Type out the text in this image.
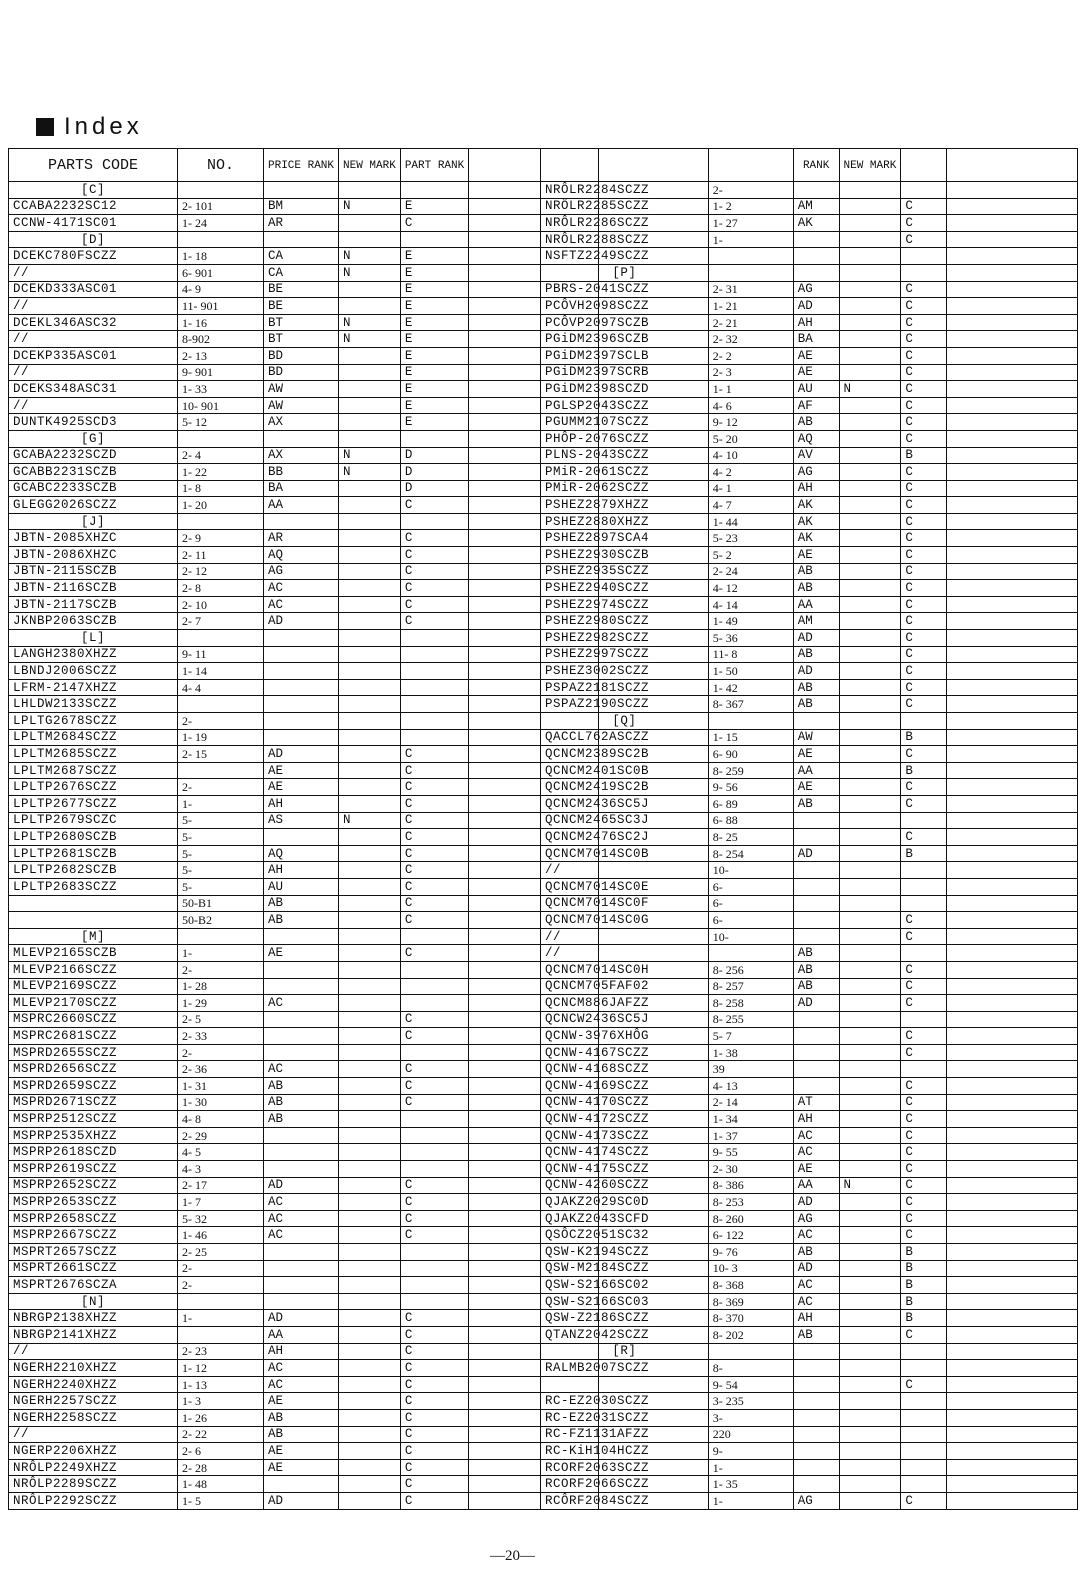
Index
PARTS CODE	NO.	PRICE RANK	NEW MARK	PART RANK	
[C]					
CCABA2232SC12	2- 101	BM	N	E	
CCNW-4171SC01	1- 24	AR		C	
[D]					
DCEKC780FSCZZ	1- 18	CA	N	E	
//	6- 901	CA	N	E	
DCEKD333ASC01	4- 9	BE		E	
//	11- 901	BE		E	
DCEKL346ASC32	1- 16	BT	N	E	
//	8-902	BT	N	E	
DCEKP335ASC01	2- 13	BD		E	
//	9- 901	BD		E	
DCEKS348ASC31	1- 33	AW		E	
//	10- 901	AW		E	
DUNTK4925SCD3	5- 12	AX		E	
[G]					
GCABA2232SCZD	2- 4	AX	N	D	
GCABB2231SCZB	1- 22	BB	N	D	
GCABC2233SCZB	1- 8	BA		D	
GLEGG2026SCZZ	1- 20	AA		C	
[J]					
JBTN-2085XHZC	2- 9	AR		C	
JBTN-2086XHZC	2- 11	AQ		C	
JBTN-2115SCZB	2- 12	AG		C	
JBTN-2116SCZB	2- 8	AC		C	
JBTN-2117SCZB	2- 10	AC		C	
JKNBP2063SCZB	2- 7	AD		C	
[L]					
LANGH2380XHZZ	9- 11				
LBNDJ2006SCZZ	1- 14				
LFRM-2147XHZZ	4- 4				
LHLDW2133SCZZ					
LPLTG2678SCZZ	2-				
LPLTM2684SCZZ	1- 19				
LPLTM2685SCZZ	2- 15	AD		C	
LPLTM2687SCZZ		AE		C	
LPLTP2676SCZZ	2-	AE		C	
LPLTP2677SCZZ	1-	AH		C	
LPLTP2679SCZC	5-	AS	N	C	
LPLTP2680SCZB	5-			C	
LPLTP2681SCZB	5-	AQ		C	
LPLTP2682SCZB	5-	AH		C	
LPLTP2683SCZZ	5-	AU		C	
	50-B1	AB		C	
	50-B2	AB		C	
[M]					
MLEVP2165SCZB	1-	AE		C	
MLEVP2166SCZZ	2-				
MLEVP2169SCZZ	1- 28				
MLEVP2170SCZZ	1- 29	AC			
MSPRC2660SCZZ	2- 5			C	
MSPRC2681SCZZ	2- 33			C	
MSPRD2655SCZZ	2-				
MSPRD2656SCZZ	2- 36	AC		C	
MSPRD2659SCZZ	1- 31	AB		C	
MSPRD2671SCZZ	1- 30	AB		C	
MSPRP2512SCZZ	4- 8	AB			
MSPRP2535XHZZ	2- 29				
MSPRP2618SCZD	4- 5				
MSPRP2619SCZZ	4- 3				
MSPRP2652SCZZ	2- 17	AD		C	
MSPRP2653SCZZ	1- 7	AC		C	
MSPRP2658SCZZ	5- 32	AC		C	
MSPRP2667SCZZ	1- 46	AC		C	
MSPRT2657SCZZ	2- 25				
MSPRT2661SCZZ	2-				
MSPRT2676SCZA	2-				
[N]					
NBRGP2138XHZZ	1-	AD		C	
NBRGP2141XHZZ		AA		C	
//	2- 23	AH		C	
NGERH2210XHZZ	1- 12	AC		C	
NGERH2240XHZZ	1- 13	AC		C	
NGERH2257SCZZ	1- 3	AE		C	
NGERH2258SCZZ	1- 26	AB		C	
//	2- 22	AB		C	
NGERP2206XHZZ	2- 6	AE		C	
NRÔLP2249XHZZ	2- 28	AE		C	
NRÔLP2289SCZZ	1- 48			C	
NRÔLP2292SCZZ	1- 5	AD		C	
		RANK	NEW MARK		
NRÔLR2284SCZZ	2-				
NRÔLR2285SCZZ	1- 2	AM		C	
NRÔLR2286SCZZ	1- 27	AK		C	
NRÔLR2288SCZZ	1-			C	
NSFTZ2249SCZZ					
[P]					
PBRS-2041SCZZ	2- 31	AG		C	
PCÔVH2098SCZZ	1- 21	AD		C	
PCÔVP2097SCZB	2- 21	AH		C	
PGiDM2396SCZB	2- 32	BA		C	
PGiDM2397SCLB	2- 2	AE		C	
PGiDM2397SCRB	2- 3	AE		C	
PGiDM2398SCZD	1- 1	AU	N	C	
PGLSP2043SCZZ	4- 6	AF		C	
PGUMM2107SCZZ	9- 12	AB		C	
PHÔP-2076SCZZ	5- 20	AQ		C	
PLNS-2043SCZZ	4- 10	AV		B	
PMiR-2061SCZZ	4- 2	AG		C	
PMiR-2062SCZZ	4- 1	AH		C	
PSHEZ2879XHZZ	4- 7	AK		C	
PSHEZ2880XHZZ	1- 44	AK		C	
PSHEZ2897SCA4	5- 23	AK		C	
PSHEZ2930SCZB	5- 2	AE		C	
PSHEZ2935SCZZ	2- 24	AB		C	
PSHEZ2940SCZZ	4- 12	AB		C	
PSHEZ2974SCZZ	4- 14	AA		C	
PSHEZ2980SCZZ	1- 49	AM		C	
PSHEZ2982SCZZ	5- 36	AD		C	
PSHEZ2997SCZZ	11- 8	AB		C	
PSHEZ3002SCZZ	1- 50	AD		C	
PSPAZ2181SCZZ	1- 42	AB		C	
PSPAZ2190SCZZ	8- 367	AB		C	
[Q]					
QACCL762ASCZZ	1- 15	AW		B	
QCNCM2389SC2B	6- 90	AE		C	
QCNCM2401SC0B	8- 259	AA		B	
QCNCM2419SC2B	9- 56	AE		C	
QCNCM2436SC5J	6- 89	AB		C	
QCNCM2465SC3J	6- 88				
QCNCM2476SC2J	8- 25			C	
QCNCM7014SC0B	8- 254	AD		B	
//	10-				
QCNCM7014SC0E	6-				
QCNCM7014SC0F	6-				
QCNCM7014SC0G	6-			C	
//	10-			C	
//		AB			
QCNCM7014SC0H	8- 256	AB		C	
QCNCM705FAF02	8- 257	AB		C	
QCNCM886JAFZZ	8- 258	AD		C	
QCNCW2436SC5J	8- 255				
QCNW-3976XHÔG	5- 7			C	
QCNW-4167SCZZ	1- 38			C	
QCNW-4168SCZZ	39				
QCNW-4169SCZZ	4- 13			C	
QCNW-4170SCZZ	2- 14	AT		C	
QCNW-4172SCZZ	1- 34	AH		C	
QCNW-4173SCZZ	1- 37	AC		C	
QCNW-4174SCZZ	9- 55	AC		C	
QCNW-4175SCZZ	2- 30	AE		C	
QCNW-4260SCZZ	8- 386	AA	N	C	
QJAKZ2029SC0D	8- 253	AD		C	
QJAKZ2043SCFD	8- 260	AG		C	
QSÔCZ2051SC32	6- 122	AC		C	
QSW-K2194SCZZ	9- 76	AB		B	
QSW-M2184SCZZ	10- 3	AD		B	
QSW-S2166SC02	8- 368	AC		B	
QSW-S2166SC03	8- 369	AC		B	
QSW-Z2186SCZZ	8- 370	AH		B	
QTANZ2042SCZZ	8- 202	AB		C	
[R]					
RALMB2007SCZZ	8-				
	9- 54			C	
RC-EZ2030SCZZ	3- 235				
RC-EZ2031SCZZ	3-				
RC-FZ1131AFZZ	220				
RC-KiH104HCZZ	9-				
RCORF2063SCZZ	1-				
RCORF2066SCZZ	1- 35				
RCÔRF2084SCZZ	1-	AG		C	
—20—
